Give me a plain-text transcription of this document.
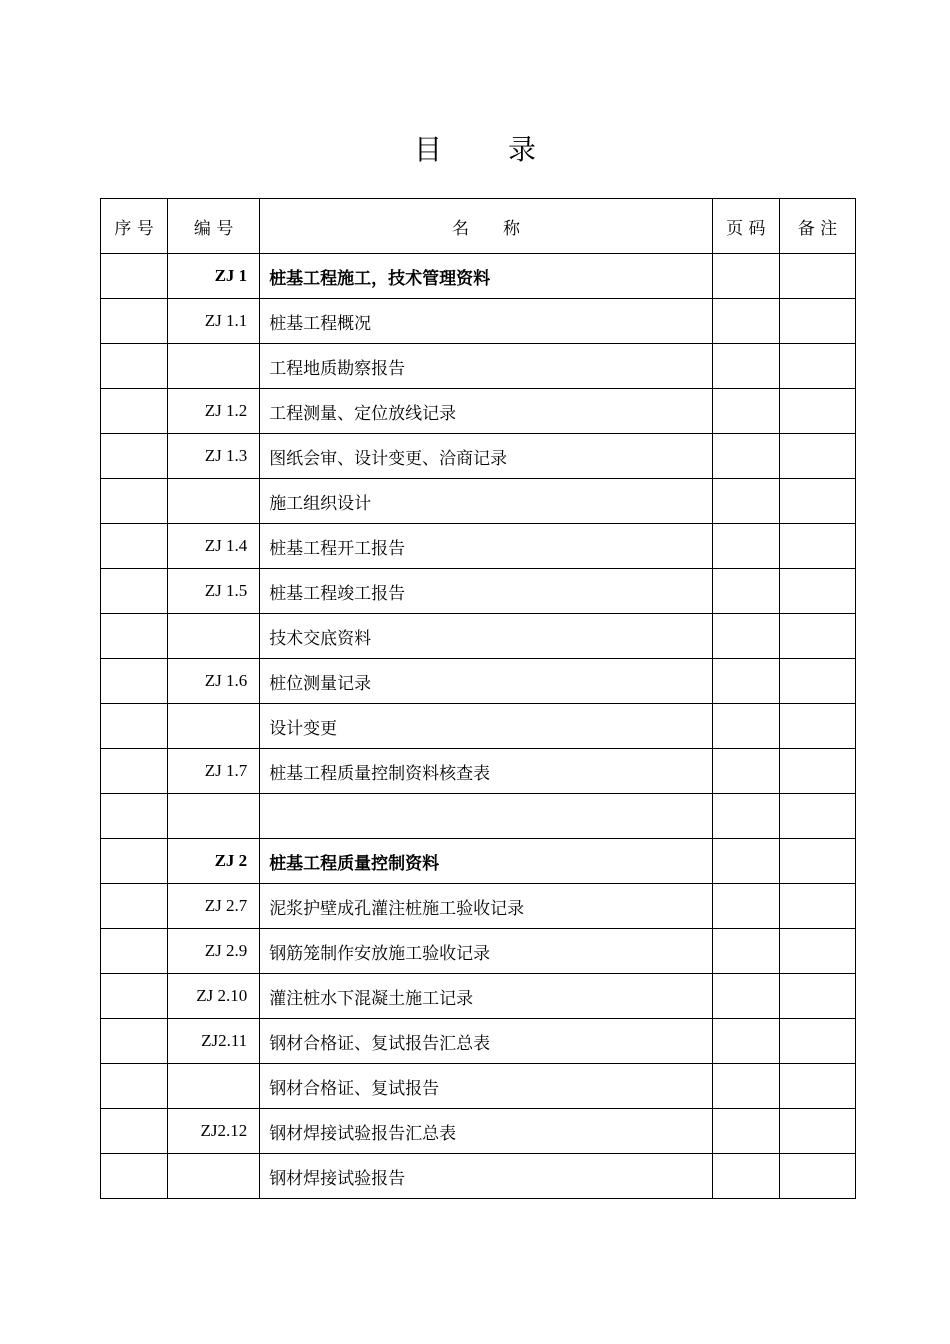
目 录
序 号	编 号	名　　称	页 码	备 注
	ZJ 1	桩基工程施工，技术管理资料		
	ZJ 1.1	桩基工程概况		
		工程地质勘察报告		
	ZJ 1.2	工程测量、定位放线记录		
	ZJ 1.3	图纸会审、设计变更、洽商记录		
		施工组织设计		
	ZJ 1.4	桩基工程开工报告		
	ZJ 1.5	桩基工程竣工报告		
		技术交底资料		
	ZJ 1.6	桩位测量记录		
		设计变更		
	ZJ 1.7	桩基工程质量控制资料核查表		

	ZJ 2	桩基工程质量控制资料		
	ZJ 2.7	泥浆护壁成孔灌注桩施工验收记录		
	ZJ 2.9	钢筋笼制作安放施工验收记录		
	ZJ 2.10	灌注桩水下混凝土施工记录		
	ZJ2.11	钢材合格证、复试报告汇总表		
		钢材合格证、复试报告		
	ZJ2.12	钢材焊接试验报告汇总表		
		钢材焊接试验报告		
